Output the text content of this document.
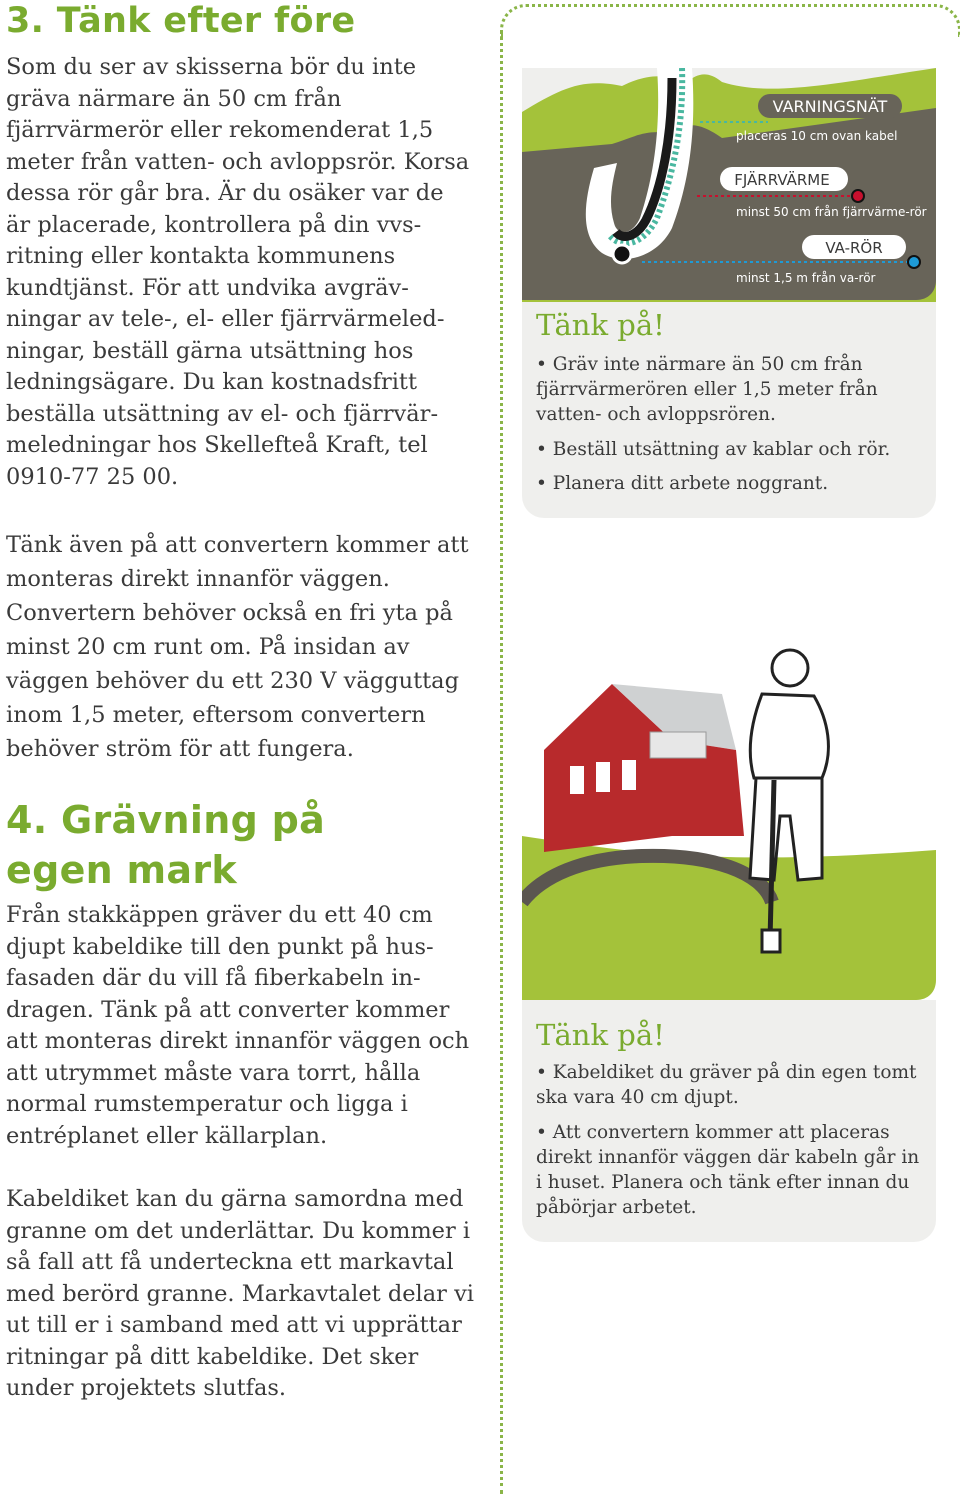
3. Tänk efter före

Som du ser av skisserna bör du inte gräva närmare än 50 cm från fjärrvärmerör eller rekomenderat 1,5 meter från vatten- och avloppsrör. Korsa dessa rör går bra. Är du osäker var de är placerade, kontrollera på din vvs-ritning eller kontakta kommunens kundtjänst. För att undvika avgrävningar av tele-, el- eller fjärrvärmeledningar, beställ gärna utsättning hos ledningsägare. Du kan kostnadsfritt beställa utsättning av el- och fjärrvärmeledningar hos Skellefteå Kraft, tel 0910-77 25 00.

Tänk även på att convertern kommer att monteras direkt innanför väggen. Convertern behöver också en fri yta på minst 20 cm runt om. På insidan av väggen behöver du ett 230 V vägguttag inom 1,5 meter, eftersom convertern behöver ström för att fungera.

4. Grävning på
egen mark

Från stakkäppen gräver du ett 40 cm djupt kabeldike till den punkt på husfasaden där du vill få fiberkabeln indragen. Tänk på att converter kommer att monteras direkt innanför väggen och att utrymmet måste vara torrt, hålla normal rumstemperatur och ligga i entréplanet eller källarplan.

Kabeldiket kan du gärna samordna med granne om det underlättar. Du kommer i så fall att få underteckna ett markavtal med berörd granne. Markavtalet delar vi ut till er i samband med att vi upprättar ritningar på ditt kabeldike. Det sker under projektets slutfas.

VARNINGSNÄT
placeras 10 cm ovan kabel
FJÄRRVÄRME
minst 50 cm från fjärrvärme-rör
VA-RÖR
minst 1,5 m från va-rör

Tänk på!

• Gräv inte närmare än 50 cm från fjärrvärmerören eller 1,5 meter från vatten- och avloppsrören.

• Beställ utsättning av kablar och rör.

• Planera ditt arbete noggrant.

Tänk på!

• Kabeldiket du gräver på din egen tomt ska vara 40 cm djupt.

• Att convertern kommer att placeras direkt innanför väggen där kabeln går in i huset. Planera och tänk efter innan du påbörjar arbetet.
